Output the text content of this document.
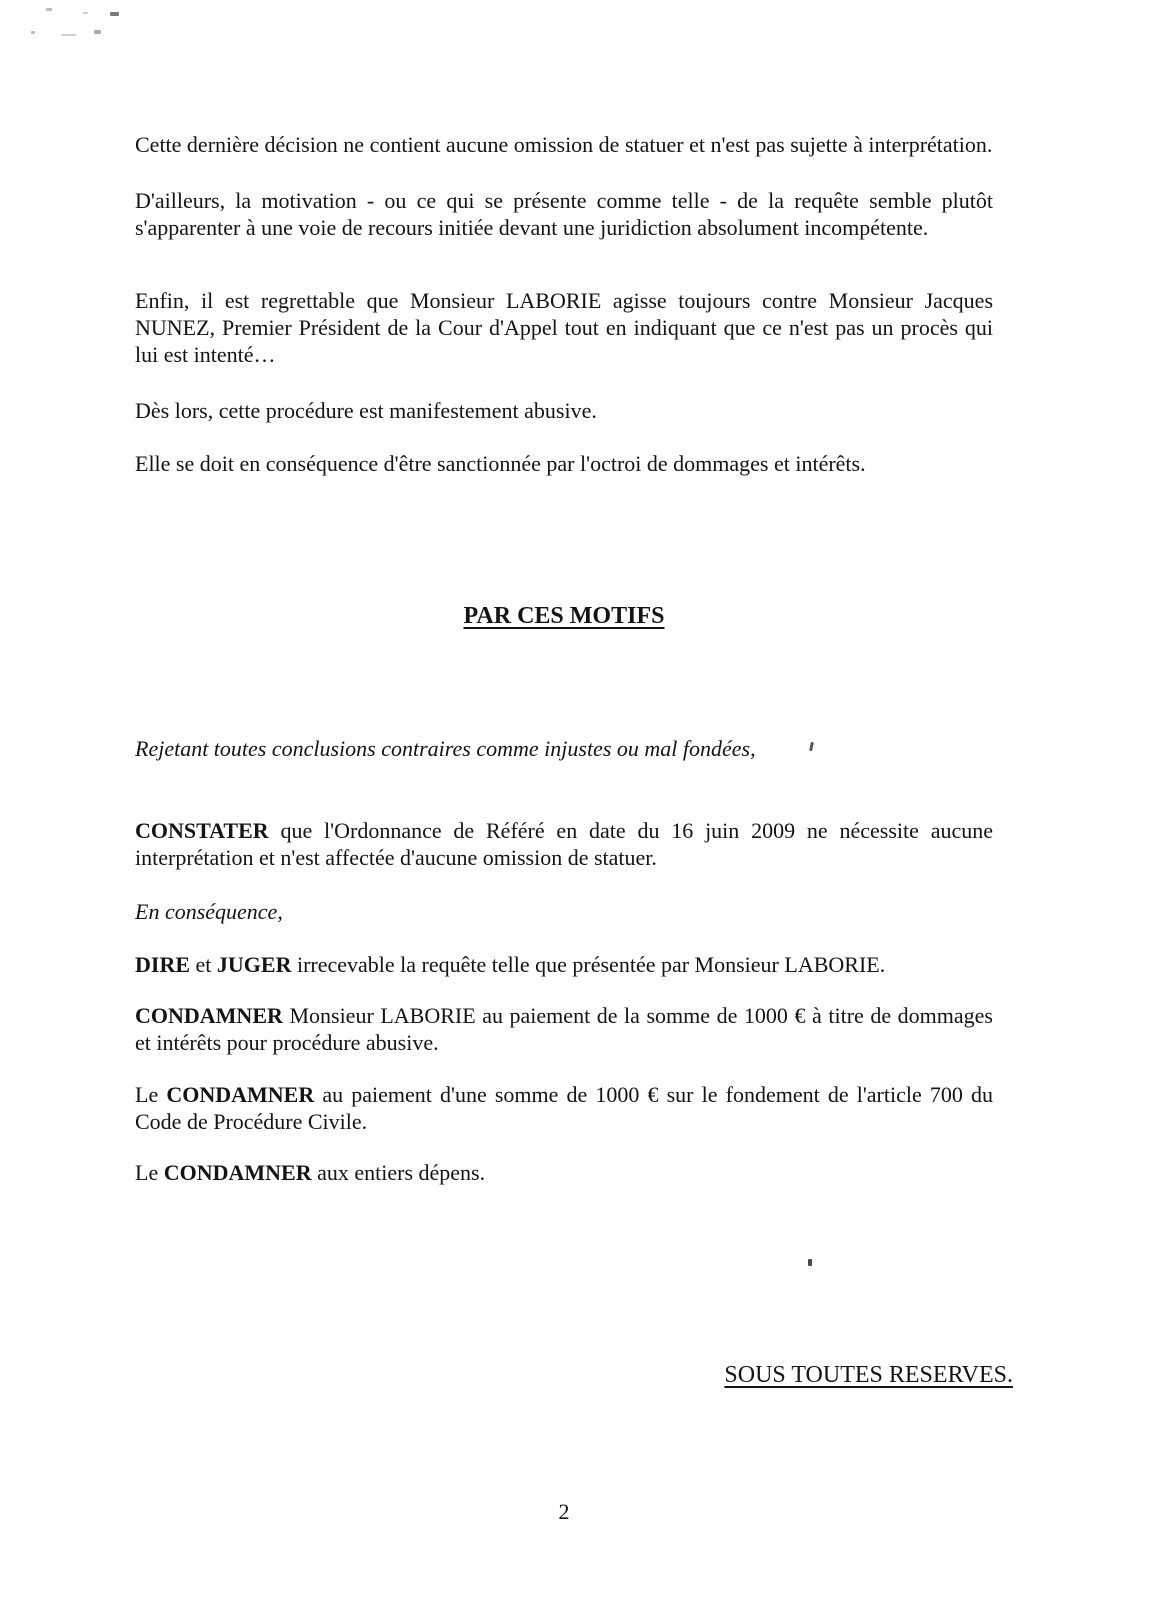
Cette dernière décision ne contient aucune omission de statuer et n'est pas sujette à interprétation.

D'ailleurs, la motivation - ou ce qui se présente comme telle - de la requête semble plutôt s'apparenter à une voie de recours initiée devant une juridiction absolument incompétente.

Enfin, il est regrettable que Monsieur LABORIE agisse toujours contre Monsieur Jacques NUNEZ, Premier Président de la Cour d'Appel tout en indiquant que ce n'est pas un procès qui lui est intenté…

Dès lors, cette procédure est manifestement abusive.

Elle se doit en conséquence d'être sanctionnée par l'octroi de dommages et intérêts.

PAR CES MOTIFS

Rejetant toutes conclusions contraires comme injustes ou mal fondées,

CONSTATER que l'Ordonnance de Référé en date du 16 juin 2009 ne nécessite aucune interprétation et n'est affectée d'aucune omission de statuer.

En conséquence,

DIRE et JUGER irrecevable la requête telle que présentée par Monsieur LABORIE.

CONDAMNER Monsieur LABORIE au paiement de la somme de 1000 € à titre de dommages et intérêts pour procédure abusive.

Le CONDAMNER au paiement d'une somme de 1000 € sur le fondement de l'article 700 du Code de Procédure Civile.

Le CONDAMNER aux entiers dépens.

SOUS TOUTES RESERVES.

2
